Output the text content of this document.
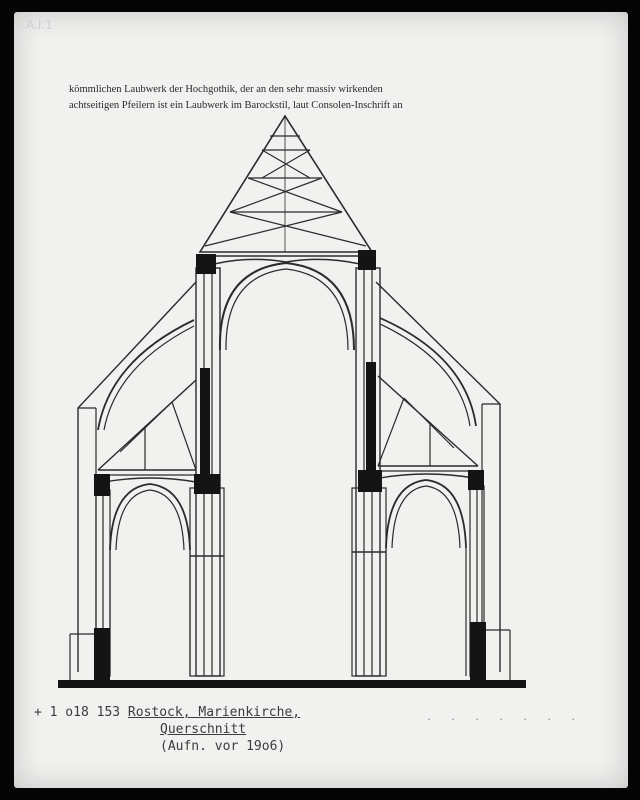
A.I.1
kömmlichen Laubwerk der Hochgothik, der an den sehr massiv wirkenden
achtseitigen Pfeilern ist ein Laubwerk im Barockstil, laut Consolen-Inschrift an
+ 1 o18 153 Rostock, Marienkirche,
Querschnitt
(Aufn. vor 19o6)
. . . . . . .
